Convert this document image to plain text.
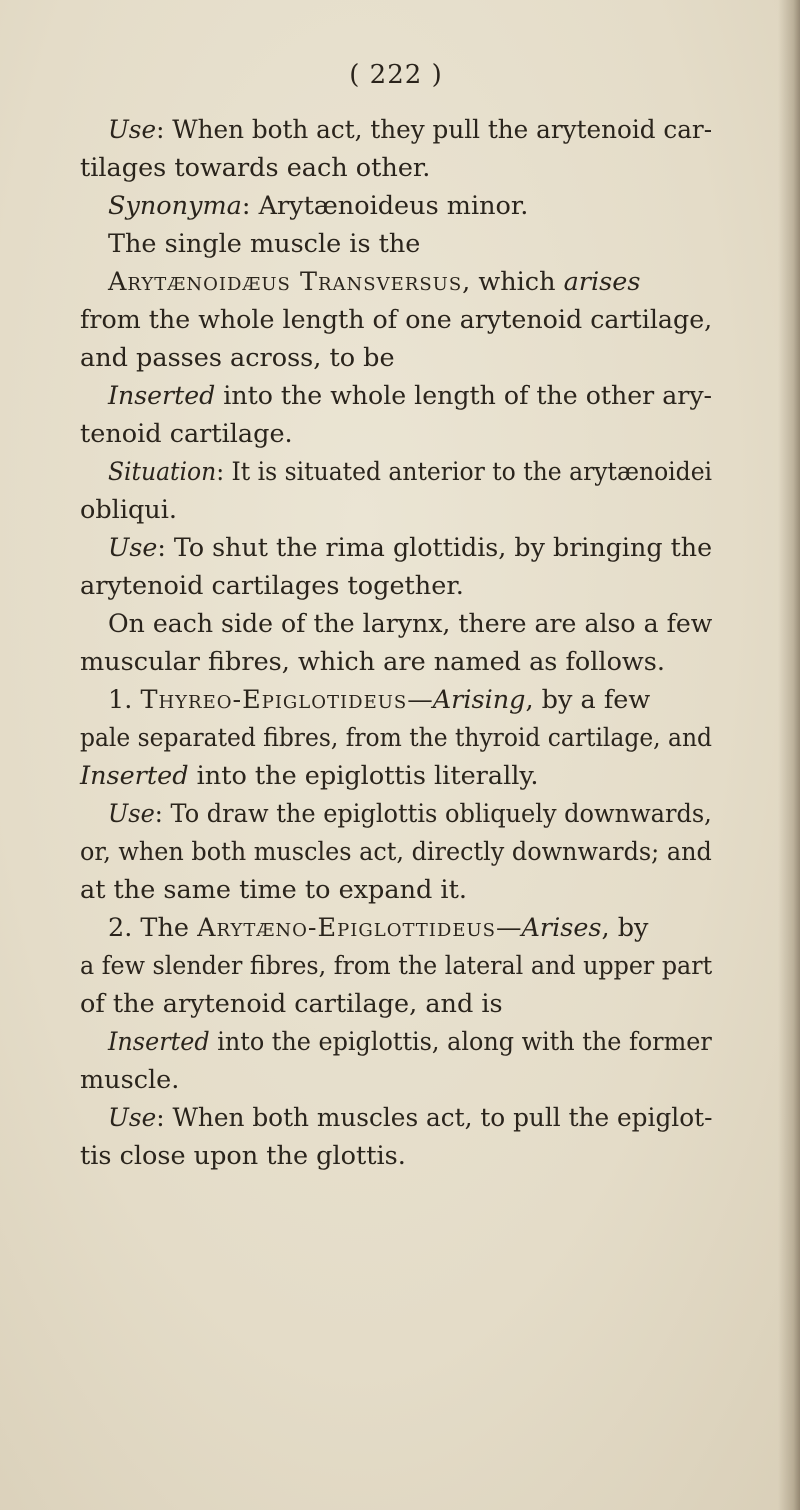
( 222 )
Use: When both act, they pull the arytenoid car-
tilages towards each other.
Synonyma: Arytænoideus minor.
The single muscle is the
Arytænoidæus Transversus, which arises
from the whole length of one arytenoid cartilage,
and passes across, to be
Inserted into the whole length of the other ary-
tenoid cartilage.
Situation: It is situated anterior to the arytænoidei
obliqui.
Use: To shut the rima glottidis, by bringing the
arytenoid cartilages together.
On each side of the larynx, there are also a few
muscular fibres, which are named as follows.
1. Thyreo-Epiglotideus—Arising, by a few
pale separated fibres, from the thyroid cartilage, and
Inserted into the epiglottis literally.
Use: To draw the epiglottis obliquely downwards,
or, when both muscles act, directly downwards; and
at the same time to expand it.
2. The Arytæno-Epiglottideus—Arises, by
a few slender fibres, from the lateral and upper part
of the arytenoid cartilage, and is
Inserted into the epiglottis, along with the former
muscle.
Use: When both muscles act, to pull the epiglot-
tis close upon the glottis.
